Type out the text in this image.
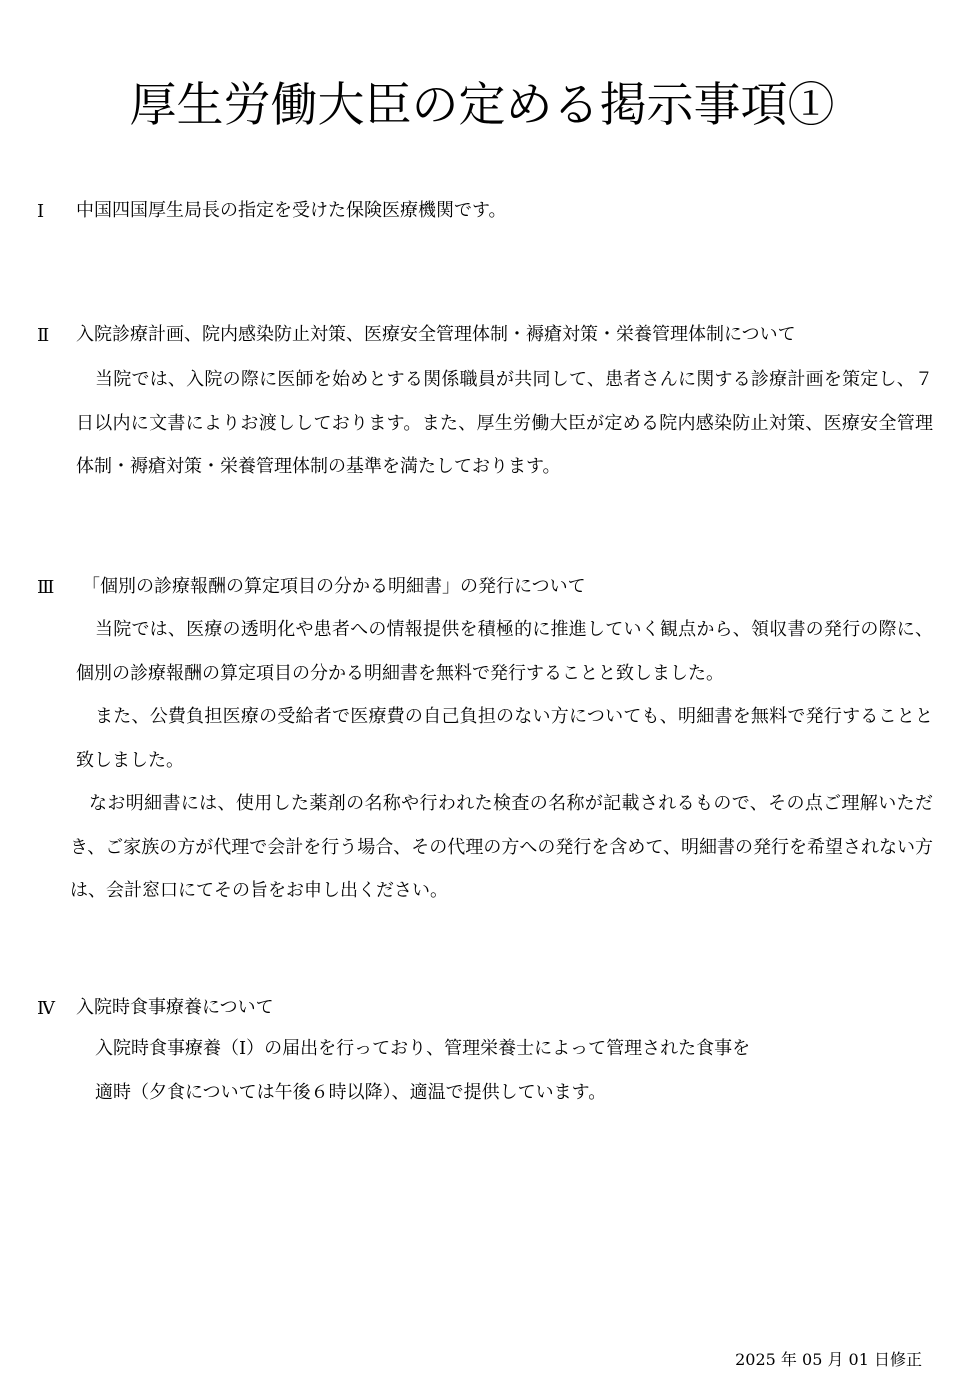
厚生労働大臣の定める掲示事項①
Ⅰ 中国四国厚生局長の指定を受けた保険医療機関です。
Ⅱ 入院診療計画、院内感染防止対策、医療安全管理体制・褥瘡対策・栄養管理体制について

当院では、入院の際に医師を始めとする関係職員が共同して、患者さんに関する診療計画を策定し、７日以内に文書によりお渡ししております。また、厚生労働大臣が定める院内感染防止対策、医療安全管理体制・褥瘡対策・栄養管理体制の基準を満たしております。

Ⅲ 「個別の診療報酬の算定項目の分かる明細書」の発行について

当院では、医療の透明化や患者への情報提供を積極的に推進していく観点から、領収書の発行の際に、個別の診療報酬の算定項目の分かる明細書を無料で発行することと致しました。

また、公費負担医療の受給者で医療費の自己負担のない方についても、明細書を無料で発行することと致しました。

なお明細書には、使用した薬剤の名称や行われた検査の名称が記載されるもので、その点ご理解いただき、ご家族の方が代理で会計を行う場合、その代理の方への発行を含めて、明細書の発行を希望されない方は、会計窓口にてその旨をお申し出ください。

Ⅳ 入院時食事療養について

入院時食事療養（Ⅰ）の届出を行っており、管理栄養士によって管理された食事を

適時（夕食については午後６時以降）、適温で提供しています。

2025 年 05 月 01 日修正
